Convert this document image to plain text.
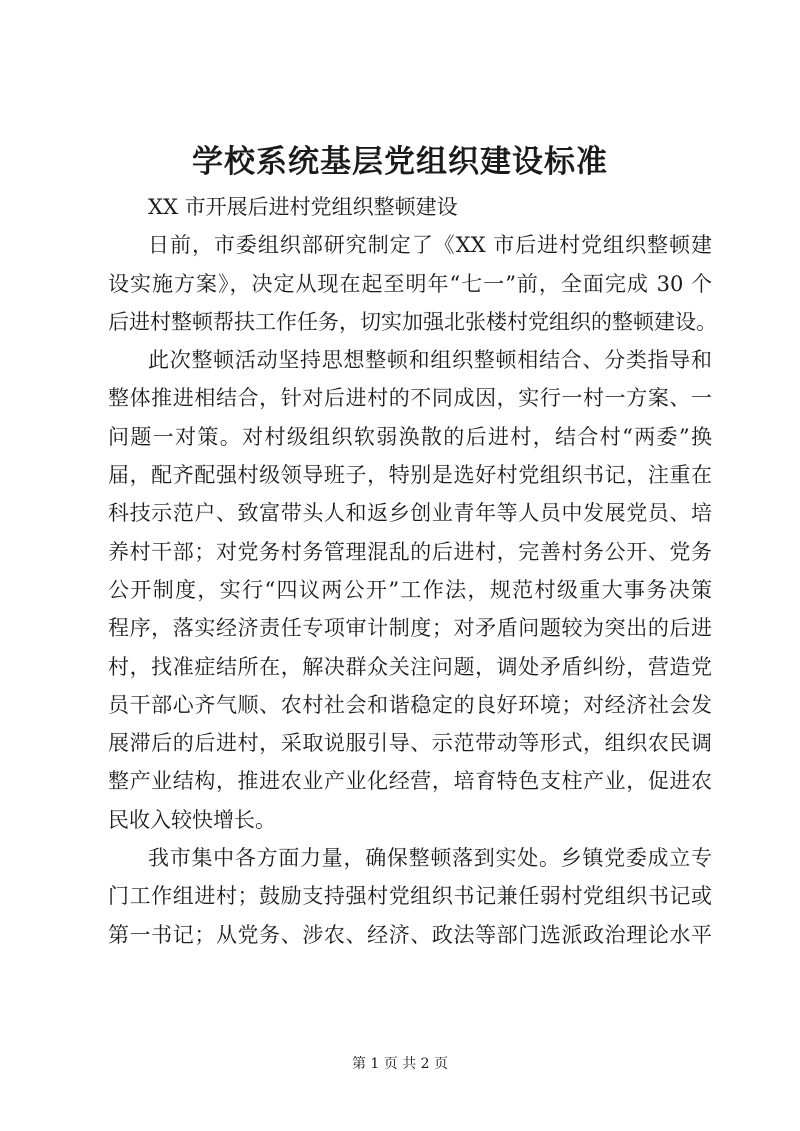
学校系统基层党组织建设标准
XX 市开展后进村党组织整顿建设
日前，市委组织部研究制定了《XX 市后进村党组织整顿建
设实施方案》，决定从现在起至明年“七一”前，全面完成 30 个
后进村整顿帮扶工作任务，切实加强北张楼村党组织的整顿建设。
此次整顿活动坚持思想整顿和组织整顿相结合、分类指导和
整体推进相结合，针对后进村的不同成因，实行一村一方案、一
问题一对策。对村级组织软弱涣散的后进村，结合村“两委”换
届，配齐配强村级领导班子，特别是选好村党组织书记，注重在
科技示范户、致富带头人和返乡创业青年等人员中发展党员、培
养村干部；对党务村务管理混乱的后进村，完善村务公开、党务
公开制度，实行“四议两公开”工作法，规范村级重大事务决策
程序，落实经济责任专项审计制度；对矛盾问题较为突出的后进
村，找准症结所在，解决群众关注问题，调处矛盾纠纷，营造党
员干部心齐气顺、农村社会和谐稳定的良好环境；对经济社会发
展滞后的后进村，采取说服引导、示范带动等形式，组织农民调
整产业结构，推进农业产业化经营，培育特色支柱产业，促进农
民收入较快增长。
我市集中各方面力量，确保整顿落到实处。乡镇党委成立专
门工作组进村；鼓励支持强村党组织书记兼任弱村党组织书记或
第一书记；从党务、涉农、经济、政法等部门选派政治理论水平
第 1 页 共 2 页
